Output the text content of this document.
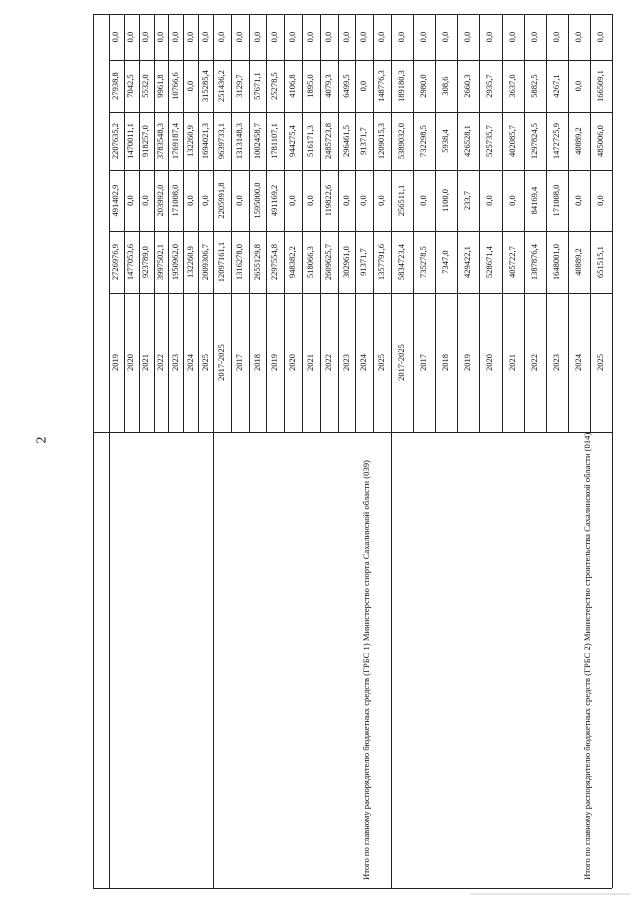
2
2019
2726976,9
491402,9
2207635,2
27938,8
0,0
2020
1477053,6
0,0
1470011,1
7042,5
0,0
2021
923789,0
0,0
918257,0
5532,0
0,0
2022
3997502,1
203992,0
3783548,3
9961,8
0,0
2023
1950962,0
171008,0
1769187,4
10766,6
0,0
2024
132260,9
0,0
132260,9
0,0
0,0
2025
2009306,7
0,0
1694021,3
315285,4
0,0
2017-2025
12097161,1
2205991,8
9639733,1
251436,2
0,0
2017
1316278,0
0,0
1313148,3
3129,7
0,0
2018
2655129,8
1595000,0
1002458,7
57671,1
0,0
2019
2297554,8
491169,2
1781107,1
25278,5
0,0
2020
948382,2
0,0
944275,4
4106,8
0,0
2021
518066,3
0,0
516171,3
1895,0
0,0
2022
2609625,7
119822,6
2485723,8
4079,3
0,0
2023
302961,0
0,0
296461,5
6499,5
0,0
2024
91371,7
0,0
91371,7
0,0
0,0
2025
1357791,6
0,0
1209015,3
148776,3
0,0
Итого по главному распорядителю бюджетных средств (ГРБС 1) Министерство спорта Сахалинской области (039)
2017-2025
5834723,4
256511,1
5389032,0
189180,3
0,0
2017
735278,5
0,0
732298,5
2980,0
0,0
2018
7347,0
1100,0
5938,4
308,6
0,0
2019
429422,1
233,7
426528,1
2660,3
0,0
2020
528671,4
0,0
525735,7
2935,7
0,0
2021
405722,7
0,0
402085,7
3637,0
0,0
2022
1387876,4
84169,4
1297824,5
5882,5
0,0
2023
1648001,0
171008,0
1472725,9
4267,1
0,0
2024
40889,2
0,0
40889,2
0,0
0,0
2025
651515,1
0,0
485006,0
166509,1
0,0
Итого по главному распорядителю бюджетных средств (ГРБС 2) Министерство строительства Сахалинской области (014)
